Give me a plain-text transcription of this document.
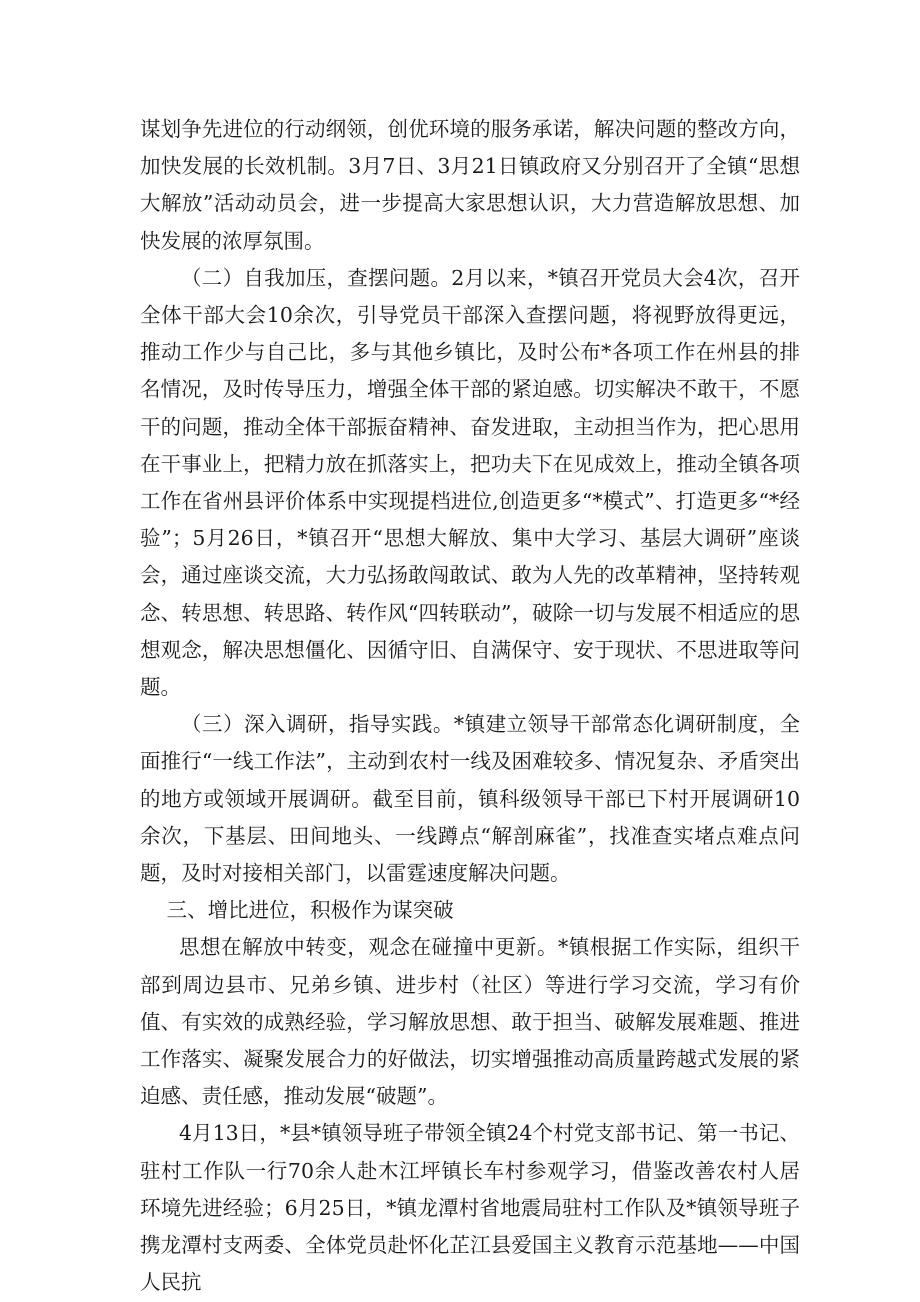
谋划争先进位的行动纲领，创优环境的服务承诺，解决问题的整改方向，加快发展的长效机制。3月7日、3月21日镇政府又分别召开了全镇“思想大解放”活动动员会，进一步提高大家思想认识，大力营造解放思想、加快发展的浓厚氛围。

（二）自我加压，查摆问题。2月以来，*镇召开党员大会4次，召开全体干部大会10余次，引导党员干部深入查摆问题，将视野放得更远，推动工作少与自己比，多与其他乡镇比，及时公布*各项工作在州县的排名情况，及时传导压力，增强全体干部的紧迫感。切实解决不敢干，不愿干的问题，推动全体干部振奋精神、奋发进取，主动担当作为，把心思用在干事业上，把精力放在抓落实上，把功夫下在见成效上，推动全镇各项工作在省州县评价体系中实现提档进位,创造更多“*模式”、打造更多“*经验”；5月26日，*镇召开“思想大解放、集中大学习、基层大调研”座谈会，通过座谈交流，大力弘扬敢闯敢试、敢为人先的改革精神，坚持转观念、转思想、转思路、转作风“四转联动”，破除一切与发展不相适应的思想观念，解决思想僵化、因循守旧、自满保守、安于现状、不思进取等问题。

（三）深入调研，指导实践。*镇建立领导干部常态化调研制度，全面推行“一线工作法”，主动到农村一线及困难较多、情况复杂、矛盾突出的地方或领域开展调研。截至目前，镇科级领导干部已下村开展调研10余次，下基层、田间地头、一线蹲点“解剖麻雀”，找准查实堵点难点问题，及时对接相关部门，以雷霆速度解决问题。

三、增比进位，积极作为谋突破

思想在解放中转变，观念在碰撞中更新。*镇根据工作实际，组织干部到周边县市、兄弟乡镇、进步村（社区）等进行学习交流，学习有价值、有实效的成熟经验，学习解放思想、敢于担当、破解发展难题、推进工作落实、凝聚发展合力的好做法，切实增强推动高质量跨越式发展的紧迫感、责任感，推动发展“破题”。

4月13日，*县*镇领导班子带领全镇24个村党支部书记、第一书记、驻村工作队一行70余人赴木江坪镇长车村参观学习，借鉴改善农村人居环境先进经验；6月25日，*镇龙潭村省地震局驻村工作队及*镇领导班子携龙潭村支两委、全体党员赴怀化芷江县爱国主义教育示范基地——中国人民抗
